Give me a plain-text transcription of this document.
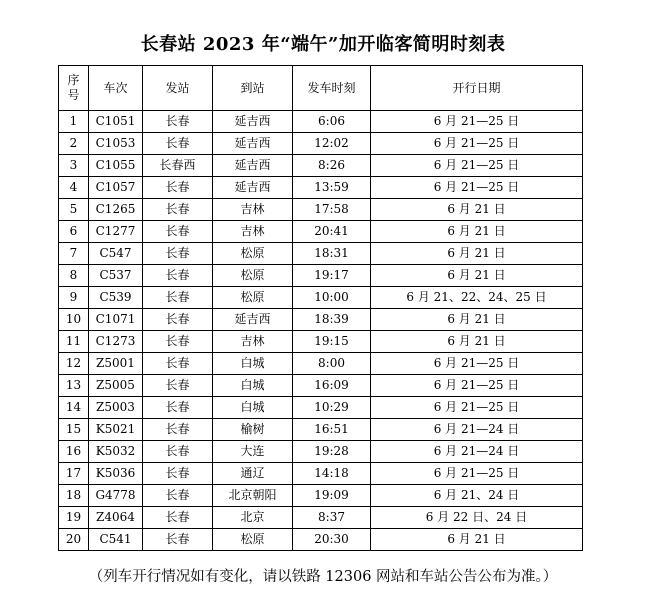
长春站 2023 年“端午”加开临客简明时刻表
序
号	车次	发站	到站	发车时刻	开行日期
1	C1051	长春	延吉西	6:06	6 月 21—25 日
2	C1053	长春	延吉西	12:02	6 月 21—25 日
3	C1055	长春西	延吉西	8:26	6 月 21—25 日
4	C1057	长春	延吉西	13:59	6 月 21—25 日
5	C1265	长春	吉林	17:58	6 月 21 日
6	C1277	长春	吉林	20:41	6 月 21 日
7	C547	长春	松原	18:31	6 月 21 日
8	C537	长春	松原	19:17	6 月 21 日
9	C539	长春	松原	10:00	6 月 21、22、24、25 日
10	C1071	长春	延吉西	18:39	6 月 21 日
11	C1273	长春	吉林	19:15	6 月 21 日
12	Z5001	长春	白城	8:00	6 月 21—25 日
13	Z5005	长春	白城	16:09	6 月 21—25 日
14	Z5003	长春	白城	10:29	6 月 21—25 日
15	K5021	长春	榆树	16:51	6 月 21—24 日
16	K5032	长春	大连	19:28	6 月 21—24 日
17	K5036	长春	通辽	14:18	6 月 21—25 日
18	G4778	长春	北京朝阳	19:09	6 月 21、24 日
19	Z4064	长春	北京	8:37	6 月 22 日、24 日
20	C541	长春	松原	20:30	6 月 21 日
（列车开行情况如有变化，请以铁路 12306 网站和车站公告公布为准。）
